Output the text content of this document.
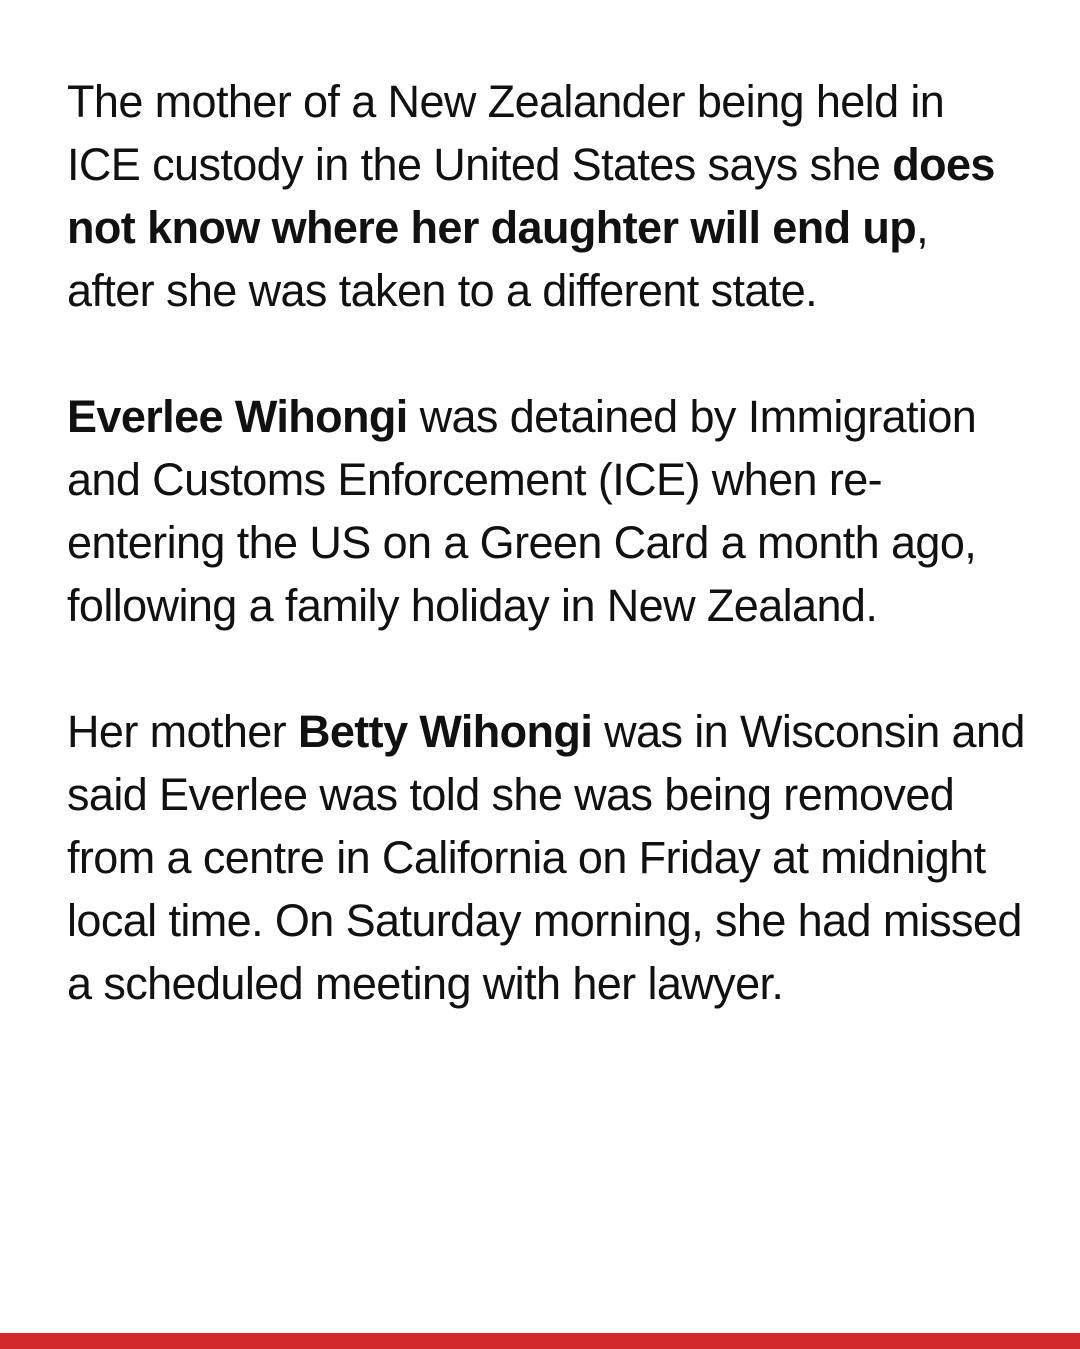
The mother of a New Zealander being held in ICE custody in the United States says she does not know where her daughter will end up, after she was taken to a different state.

Everlee Wihongi was detained by Immigration and Customs Enforcement (ICE) when re-entering the US on a Green Card a month ago, following a family holiday in New Zealand.

Her mother Betty Wihongi was in Wisconsin and said Everlee was told she was being removed from a centre in California on Friday at midnight local time. On Saturday morning, she had missed a scheduled meeting with her lawyer.
